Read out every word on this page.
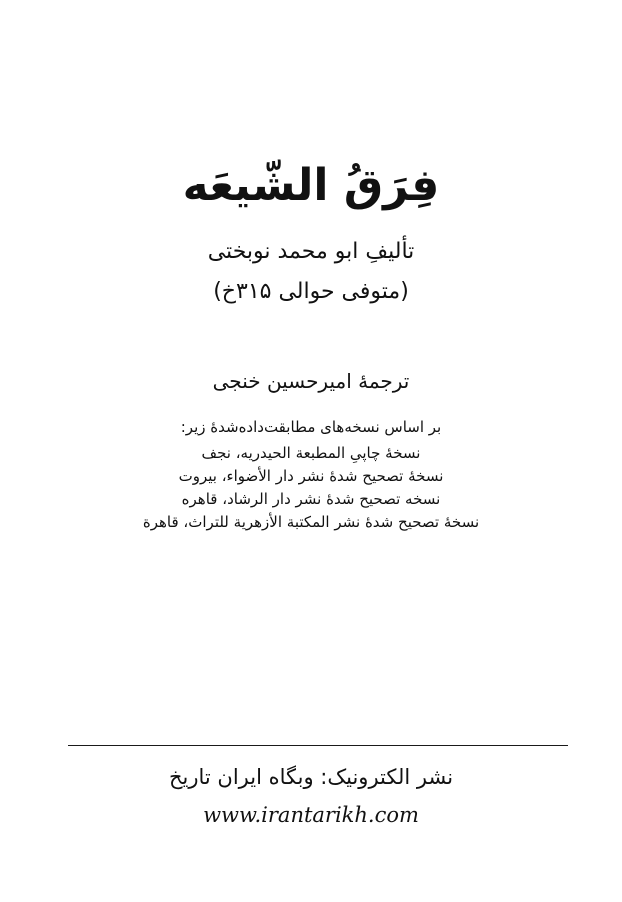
فِرَقُ الشّیعَه
تألیفِ ابو محمد نوبختی
(متوفی حوالی ۳۱۵خ)
ترجمهٔ امیرحسین خنجی
بر اساس نسخه‌های مطابقت‌داده‌شدهٔ زیر:
نسخهٔ چاپیِ المطبعة الحیدریه، نجف
نسخهٔ تصحیح شدهٔ نشر دار الأضواء، بیروت
نسخه تصحیح شدهٔ نشر دار الرشاد، قاهره
نسخهٔ تصحیح شدهٔ نشر المکتبة الأزهریة للتراث، قاهرة
نشر الکترونیک: وبگاه ایران تاریخ
www.irantarikh.com
